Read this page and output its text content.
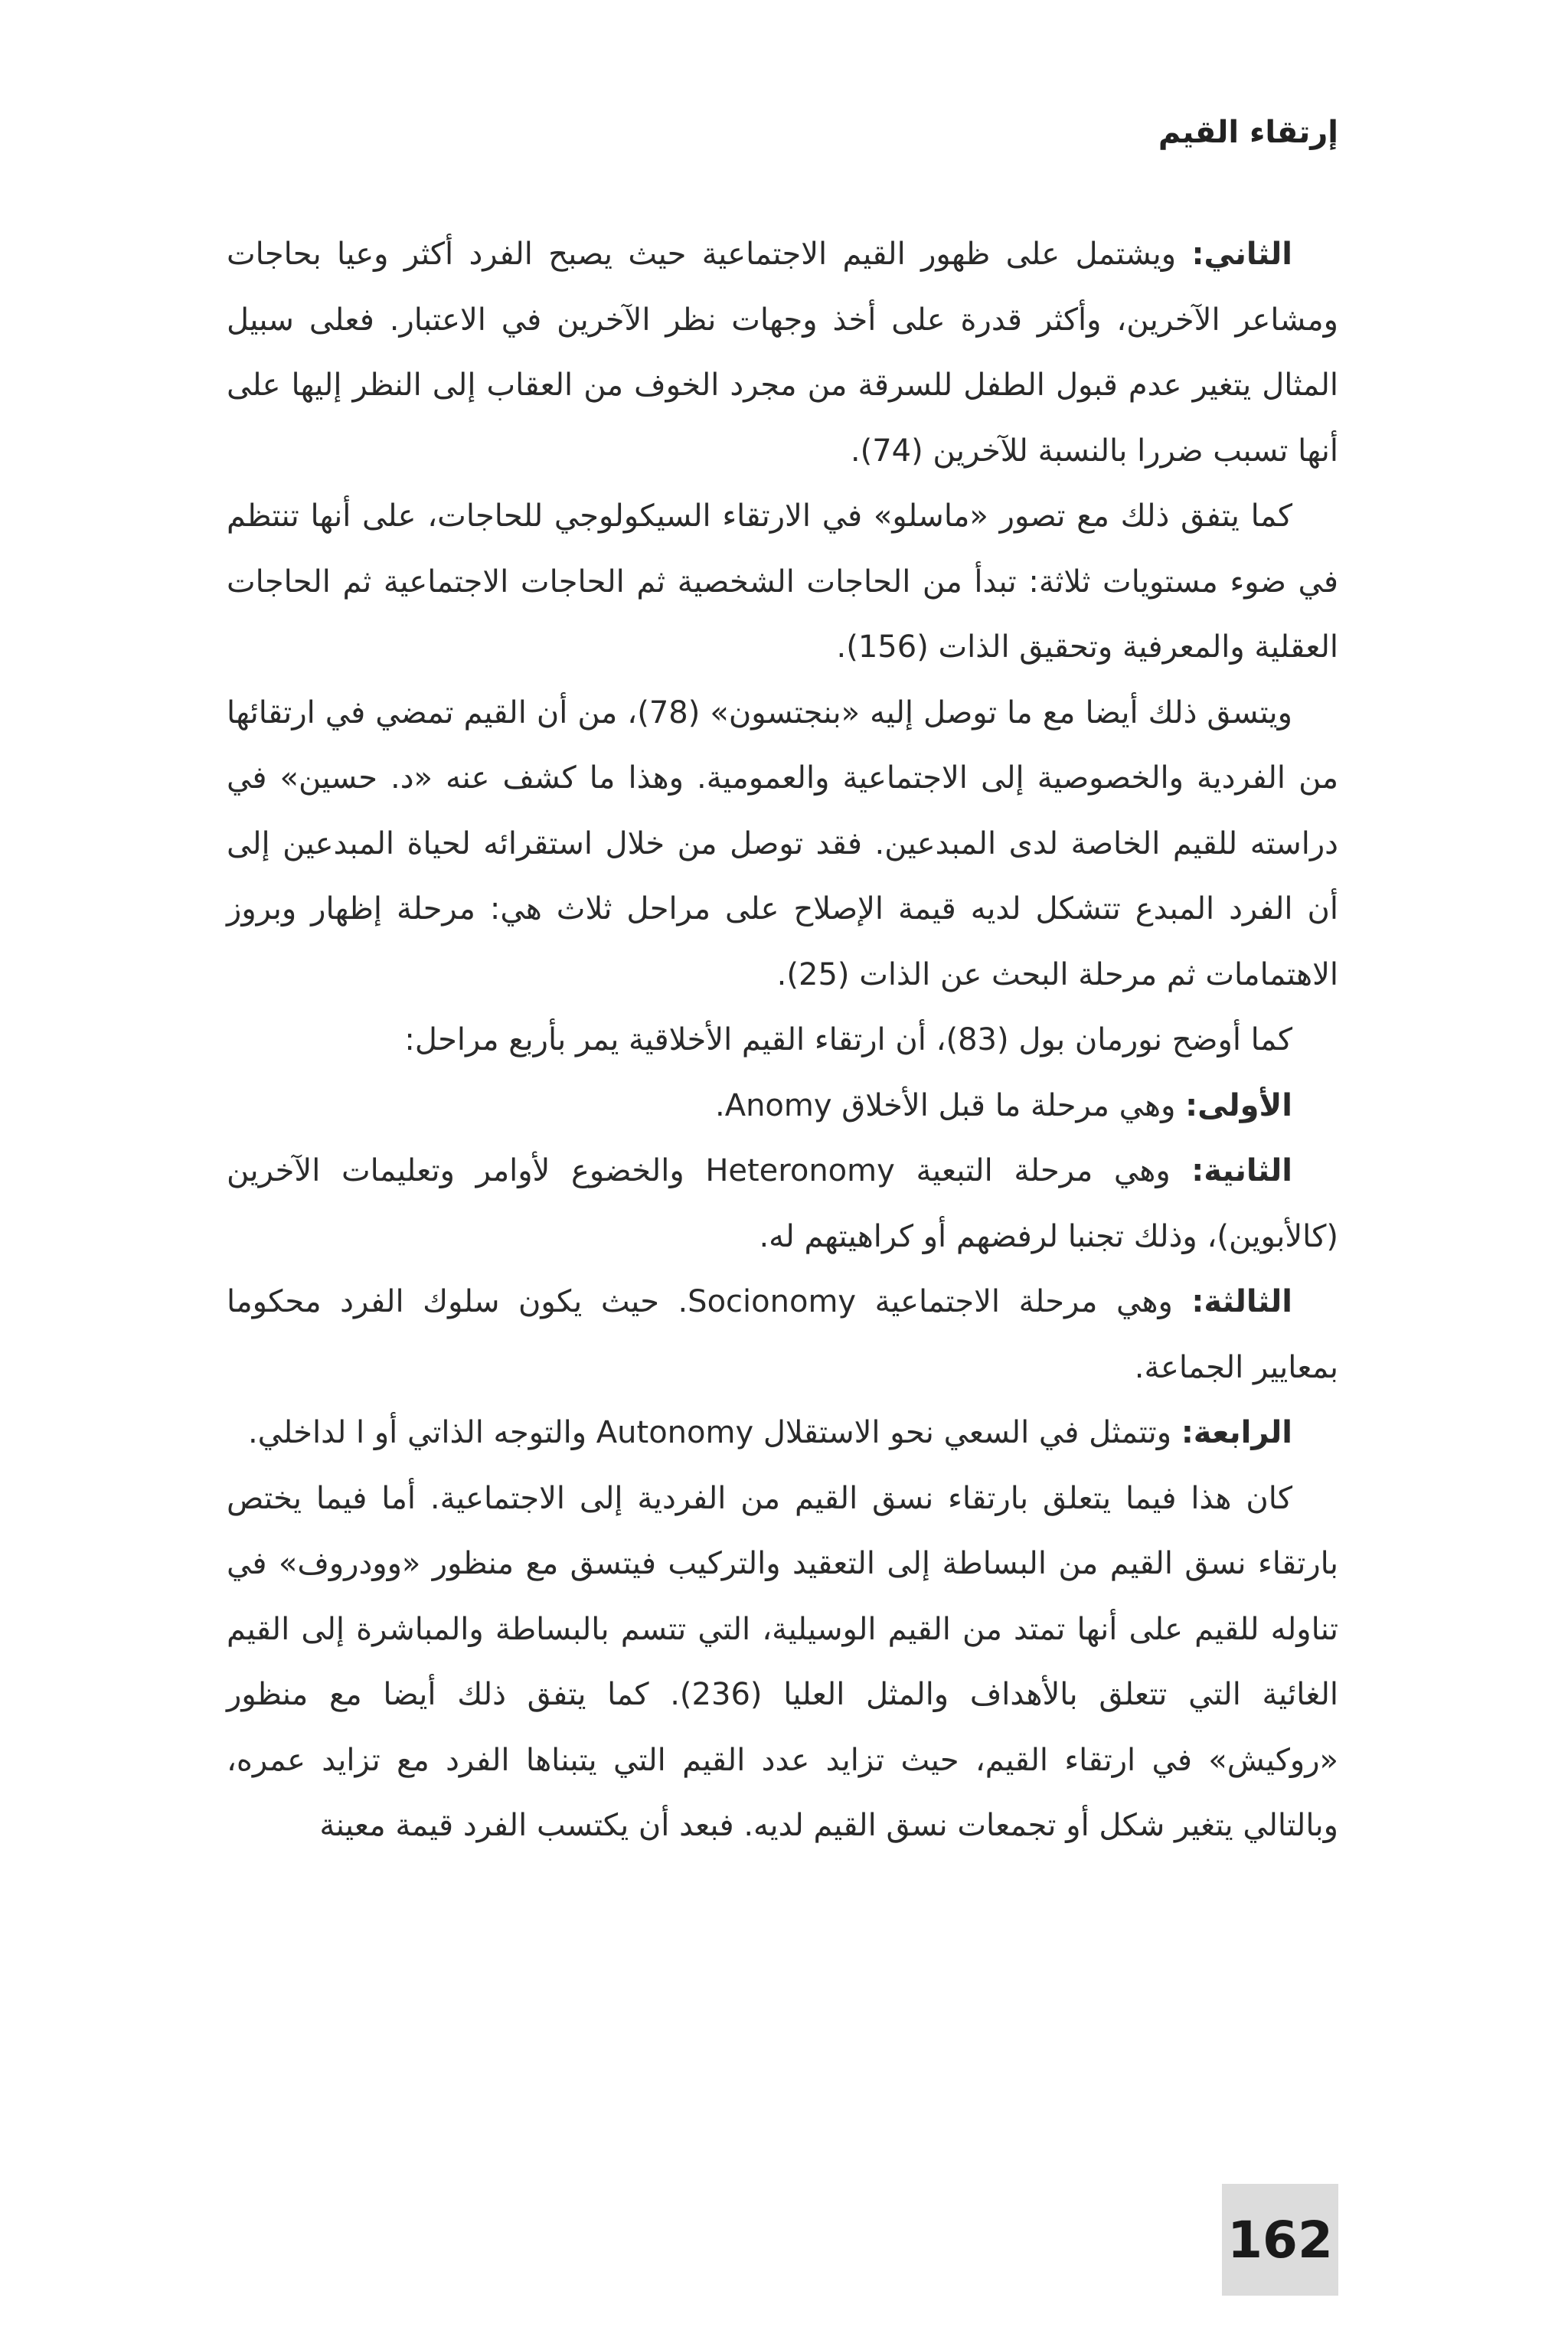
إرتقاء القيم

الثاني: ويشتمل على ظهور القيم الاجتماعية حيث يصبح الفرد أكثر وعيا بحاجات ومشاعر الآخرين، وأكثر قدرة على أخذ وجهات نظر الآخرين في الاعتبار. فعلى سبيل المثال يتغير عدم قبول الطفل للسرقة من مجرد الخوف من العقاب إلى النظر إليها على أنها تسبب ضررا بالنسبة للآخرين (74).

كما يتفق ذلك مع تصور «ماسلو» في الارتقاء السيكولوجي للحاجات، على أنها تنتظم في ضوء مستويات ثلاثة: تبدأ من الحاجات الشخصية ثم الحاجات الاجتماعية ثم الحاجات العقلية والمعرفية وتحقيق الذات (156).

ويتسق ذلك أيضا مع ما توصل إليه «بنجتسون» (78)، من أن القيم تمضي في ارتقائها من الفردية والخصوصية إلى الاجتماعية والعمومية. وهذا ما كشف عنه «د. حسين» في دراسته للقيم الخاصة لدى المبدعين. فقد توصل من خلال استقرائه لحياة المبدعين إلى أن الفرد المبدع تتشكل لديه قيمة الإصلاح على مراحل ثلاث هي: مرحلة إظهار وبروز الاهتمامات ثم مرحلة البحث عن الذات (25).

كما أوضح نورمان بول (83)، أن ارتقاء القيم الأخلاقية يمر بأربع مراحل:

الأولى: وهي مرحلة ما قبل الأخلاق Anomy.

الثانية: وهي مرحلة التبعية Heteronomy والخضوع لأوامر وتعليمات الآخرين (كالأبوين)، وذلك تجنبا لرفضهم أو كراهيتهم له.

الثالثة: وهي مرحلة الاجتماعية Socionomy. حيث يكون سلوك الفرد محكوما بمعايير الجماعة.

الرابعة: وتتمثل في السعي نحو الاستقلال Autonomy والتوجه الذاتي أو ا لداخلي.

كان هذا فيما يتعلق بارتقاء نسق القيم من الفردية إلى الاجتماعية. أما فيما يختص بارتقاء نسق القيم من البساطة إلى التعقيد والتركيب فيتسق مع منظور «وودروف» في تناوله للقيم على أنها تمتد من القيم الوسيلية، التي تتسم بالبساطة والمباشرة إلى القيم الغائية التي تتعلق بالأهداف والمثل العليا (236). كما يتفق ذلك أيضا مع منظور «روكيش» في ارتقاء القيم، حيث تزايد عدد القيم التي يتبناها الفرد مع تزايد عمره، وبالتالي يتغير شكل أو تجمعات نسق القيم لديه. فبعد أن يكتسب الفرد قيمة معينة

162
